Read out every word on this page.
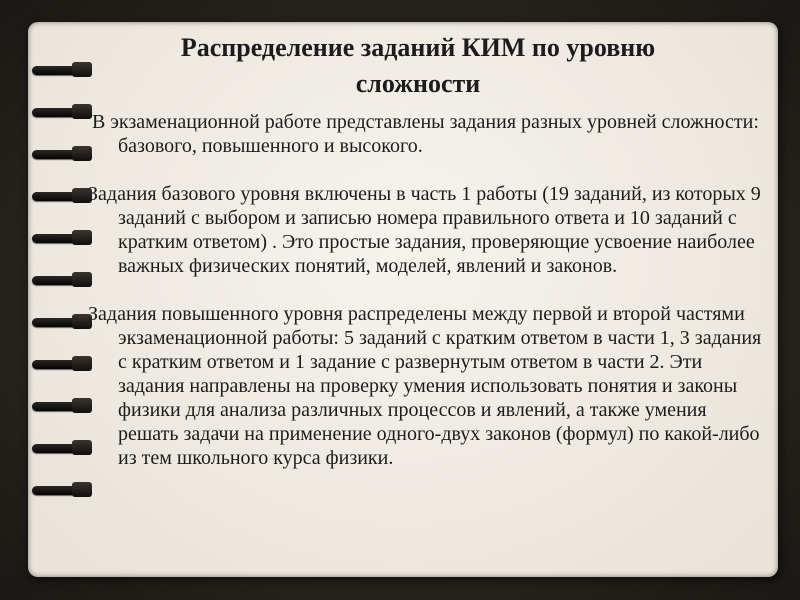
Распределение заданий КИМ по уровню
сложности

В экзаменационной работе представлены задания разных уровней сложности: базового, повышенного и высокого.

Задания базового уровня включены в часть 1 работы (19 заданий, из которых 9 заданий с выбором и записью номера правильного ответа и 10 заданий с кратким ответом) . Это простые задания, проверяющие усвоение наиболее важных физических понятий, моделей, явлений и законов.

Задания повышенного уровня распределены между первой и второй частями экзаменационной работы: 5 заданий с кратким ответом в части 1, 3 задания с кратким ответом и 1 задание с развернутым ответом в части 2. Эти задания направлены на проверку умения использовать понятия и законы физики для анализа различных процессов и явлений, а также умения решать задачи на применение одного-двух законов (формул) по какой-либо из тем школьного курса физики.
